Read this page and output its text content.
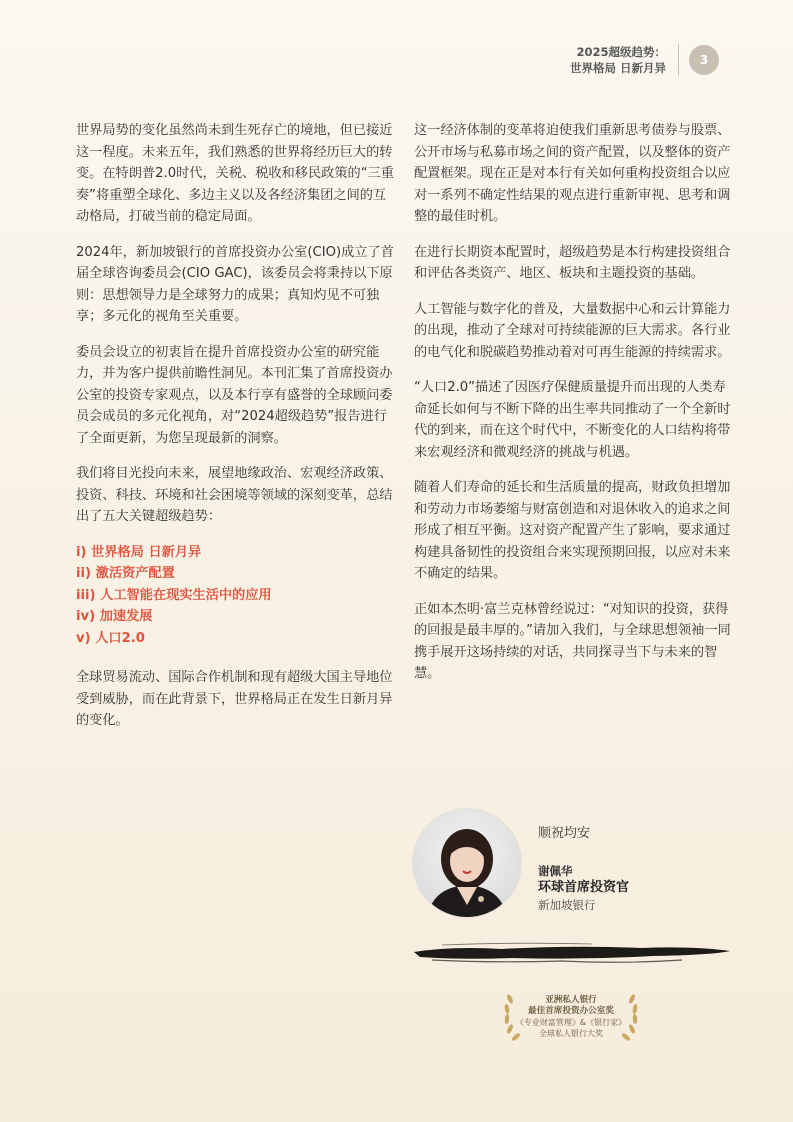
2025超级趋势：
世界格局 日新月异
3

世界局势的变化虽然尚未到生死存亡的境地，但已接近这一程度。未来五年，我们熟悉的世界将经历巨大的转变。在特朗普2.0时代，关税、税收和移民政策的“三重奏”将重塑全球化、多边主义以及各经济集团之间的互动格局，打破当前的稳定局面。

2024年，新加坡银行的首席投资办公室(CIO)成立了首届全球咨询委员会(CIO GAC)，该委员会将秉持以下原则：思想领导力是全球努力的成果；真知灼见不可独享；多元化的视角至关重要。

委员会设立的初衷旨在提升首席投资办公室的研究能力，并为客户提供前瞻性洞见。本刊汇集了首席投资办公室的投资专家观点，以及本行享有盛誉的全球顾问委员会成员的多元化视角，对“2024超级趋势”报告进行了全面更新，为您呈现最新的洞察。

我们将目光投向未来，展望地缘政治、宏观经济政策、投资、科技、环境和社会困境等领域的深刻变革，总结出了五大关键超级趋势：

i) 世界格局 日新月异
ii) 激活资产配置
iii) 人工智能在现实生活中的应用
iv) 加速发展
v) 人口2.0

全球贸易流动、国际合作机制和现有超级大国主导地位受到威胁，而在此背景下，世界格局正在发生日新月异的变化。

这一经济体制的变革将迫使我们重新思考债券与股票、公开市场与私募市场之间的资产配置，以及整体的资产配置框架。现在正是对本行有关如何重构投资组合以应对一系列不确定性结果的观点进行重新审视、思考和调整的最佳时机。

在进行长期资本配置时，超级趋势是本行构建投资组合和评估各类资产、地区、板块和主题投资的基础。

人工智能与数字化的普及，大量数据中心和云计算能力的出现，推动了全球对可持续能源的巨大需求。各行业的电气化和脱碳趋势推动着对可再生能源的持续需求。

“人口2.0”描述了因医疗保健质量提升而出现的人类寿命延长如何与不断下降的出生率共同推动了一个全新时代的到来，而在这个时代中，不断变化的人口结构将带来宏观经济和微观经济的挑战与机遇。

随着人们寿命的延长和生活质量的提高，财政负担增加和劳动力市场萎缩与财富创造和对退休收入的追求之间形成了相互平衡。这对资产配置产生了影响，要求通过构建具备韧性的投资组合来实现预期回报，以应对未来不确定的结果。

正如本杰明·富兰克林曾经说过：“对知识的投资，获得的回报是最丰厚的。”请加入我们，与全球思想领袖一同携手展开这场持续的对话，共同探寻当下与未来的智慧。

顺祝均安
谢佩华
环球首席投资官
新加坡银行
亚洲私人银行
最佳首席投资办公室奖
《专业财富管理》&《银行家》
全球私人银行大奖
